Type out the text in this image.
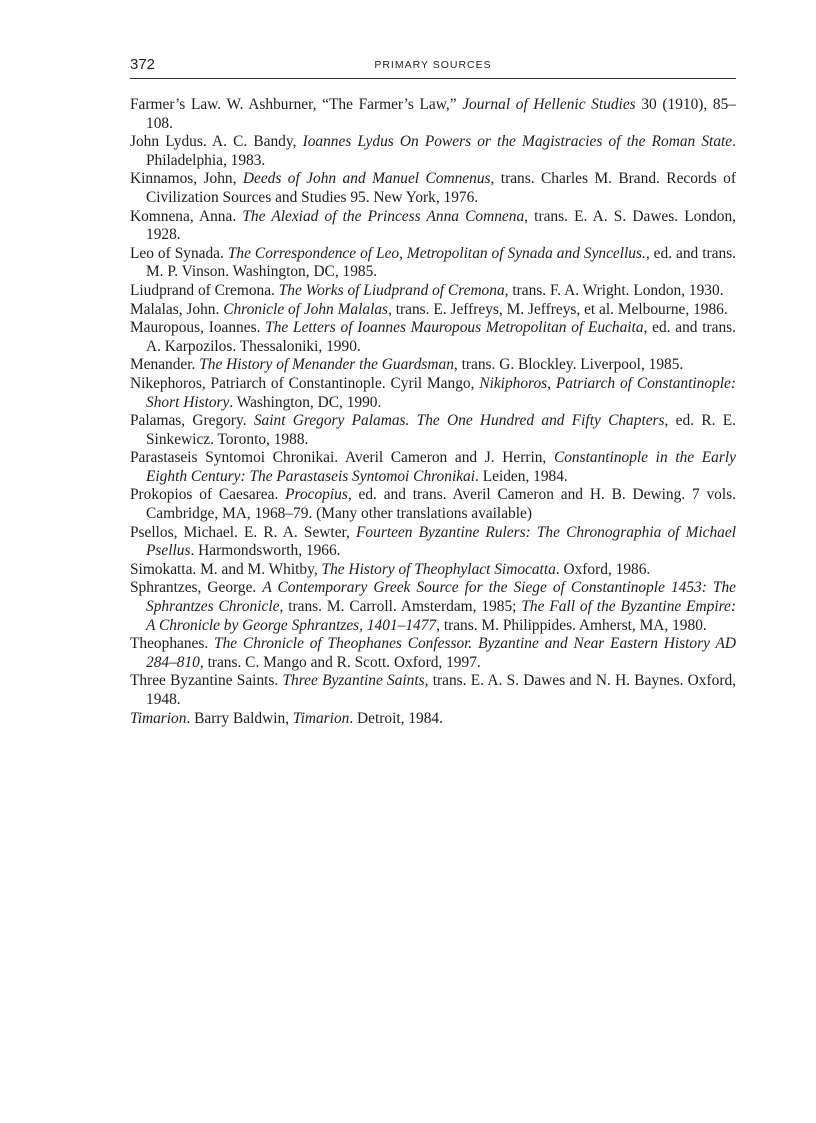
372	PRIMARY SOURCES

Farmer’s Law. W. Ashburner, “The Farmer’s Law,” Journal of Hellenic Studies 30 (1910), 85–108.

John Lydus. A. C. Bandy, Ioannes Lydus On Powers or the Magistracies of the Roman State. Philadelphia, 1983.

Kinnamos, John, Deeds of John and Manuel Comnenus, trans. Charles M. Brand. Records of Civilization Sources and Studies 95. New York, 1976.

Komnena, Anna. The Alexiad of the Princess Anna Comnena, trans. E. A. S. Dawes. London, 1928.

Leo of Synada. The Correspondence of Leo, Metropolitan of Synada and Syncellus., ed. and trans. M. P. Vinson. Washington, DC, 1985.

Liudprand of Cremona. The Works of Liudprand of Cremona, trans. F. A. Wright. London, 1930.

Malalas, John. Chronicle of John Malalas, trans. E. Jeffreys, M. Jeffreys, et al. Melbourne, 1986.

Mauropous, Ioannes. The Letters of Ioannes Mauropous Metropolitan of Euchaita, ed. and trans. A. Karpozilos. Thessaloniki, 1990.

Menander. The History of Menander the Guardsman, trans. G. Blockley. Liverpool, 1985.

Nikephoros, Patriarch of Constantinople. Cyril Mango, Nikiphoros, Patriarch of Constantinople: Short History. Washington, DC, 1990.

Palamas, Gregory. Saint Gregory Palamas. The One Hundred and Fifty Chapters, ed. R. E. Sinkewicz. Toronto, 1988.

Parastaseis Syntomoi Chronikai. Averil Cameron and J. Herrin, Constantinople in the Early Eighth Century: The Parastaseis Syntomoi Chronikai. Leiden, 1984.

Prokopios of Caesarea. Procopius, ed. and trans. Averil Cameron and H. B. Dewing. 7 vols. Cambridge, MA, 1968–79. (Many other translations available)

Psellos, Michael. E. R. A. Sewter, Fourteen Byzantine Rulers: The Chronographia of Michael Psellus. Harmondsworth, 1966.

Simokatta. M. and M. Whitby, The History of Theophylact Simocatta. Oxford, 1986.

Sphrantzes, George. A Contemporary Greek Source for the Siege of Constantinople 1453: The Sphrantzes Chronicle, trans. M. Carroll. Amsterdam, 1985; The Fall of the Byzantine Empire: A Chronicle by George Sphrantzes, 1401–1477, trans. M. Philippides. Amherst, MA, 1980.

Theophanes. The Chronicle of Theophanes Confessor. Byzantine and Near Eastern History AD 284–810, trans. C. Mango and R. Scott. Oxford, 1997.

Three Byzantine Saints. Three Byzantine Saints, trans. E. A. S. Dawes and N. H. Baynes. Oxford, 1948.

Timarion. Barry Baldwin, Timarion. Detroit, 1984.
